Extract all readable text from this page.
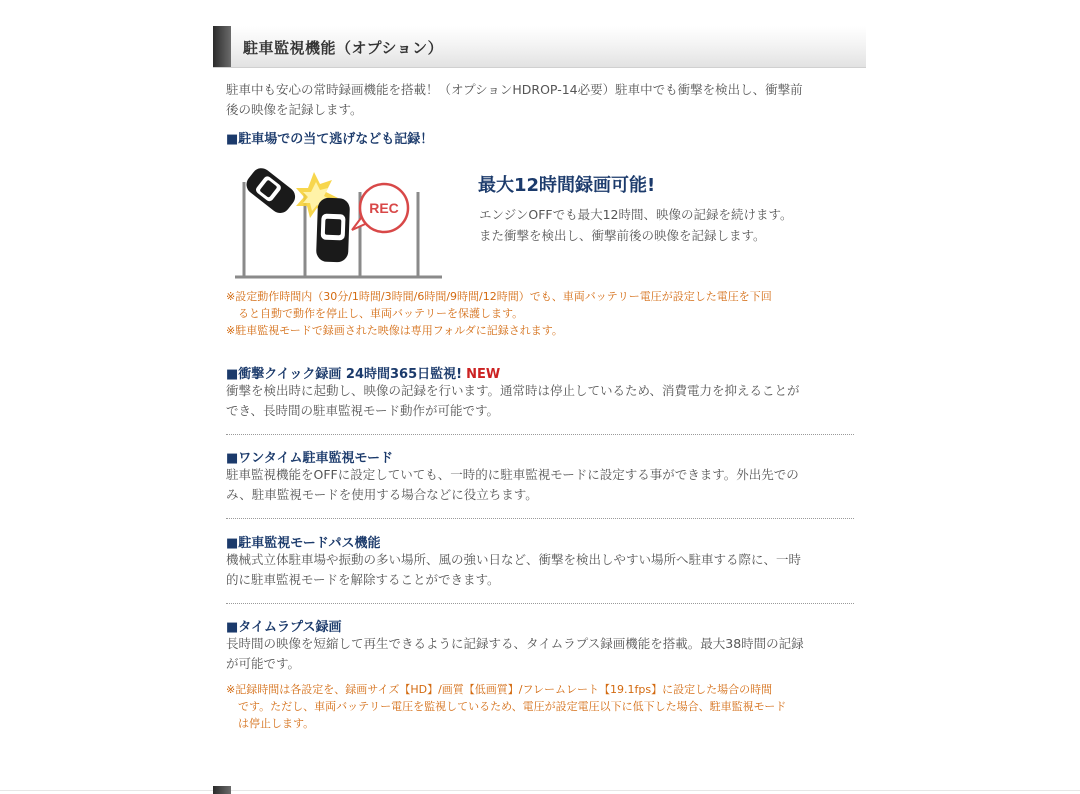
駐車監視機能（オプション）
駐車中も安心の常時録画機能を搭載！（オプションHDROP-14必要）駐車中でも衝撃を検出し、衝撃前
後の映像を記録します。
■駐車場での当て逃げなども記録！
REC
最大12時間録画可能!
エンジンOFFでも最大12時間、映像の記録を続けます。
また衝撃を検出し、衝撃前後の映像を記録します。
※設定動作時間内（30分/1時間/3時間/6時間/9時間/12時間）でも、車両バッテリー電圧が設定した電圧を下回
ると自動で動作を停止し、車両バッテリーを保護します。
※駐車監視モードで録画された映像は専用フォルダに記録されます。
■衝撃クイック録画 24時間365日監視! NEW
衝撃を検出時に起動し、映像の記録を行います。通常時は停止しているため、消費電力を抑えることが
でき、長時間の駐車監視モード動作が可能です。
■ワンタイム駐車監視モード
駐車監視機能をOFFに設定していても、一時的に駐車監視モードに設定する事ができます。外出先での
み、駐車監視モードを使用する場合などに役立ちます。
■駐車監視モードパス機能
機械式立体駐車場や振動の多い場所、風の強い日など、衝撃を検出しやすい場所へ駐車する際に、一時
的に駐車監視モードを解除することができます。
■タイムラプス録画
長時間の映像を短縮して再生できるように記録する、タイムラプス録画機能を搭載。最大38時間の記録
が可能です。
※記録時間は各設定を、録画サイズ【HD】/画質【低画質】/フレームレート【19.1fps】に設定した場合の時間
です。ただし、車両バッテリー電圧を監視しているため、電圧が設定電圧以下に低下した場合、駐車監視モード
は停止します。
